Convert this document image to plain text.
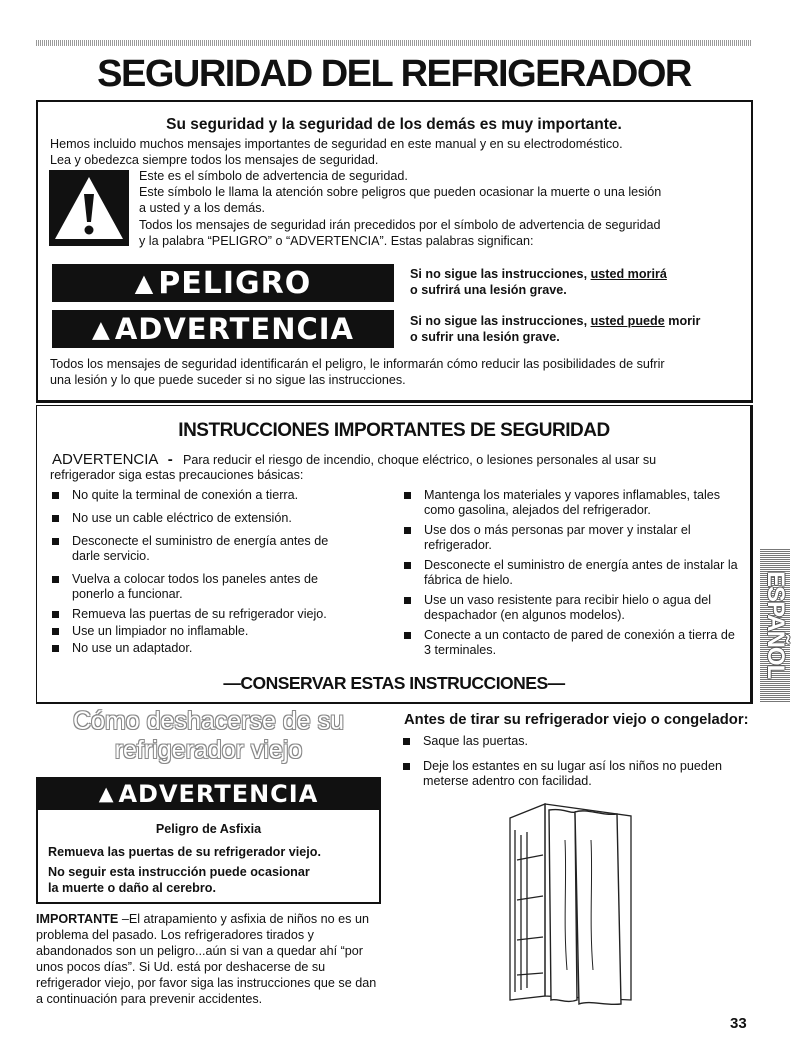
SEGURIDAD DEL REFRIGERADOR
Su seguridad y la seguridad de los demás es muy importante.
Hemos incluido muchos mensajes importantes de seguridad en este manual y en su electrodoméstico.
Lea y obedezca siempre todos los mensajes de seguridad.
Este es el símbolo de advertencia de seguridad.
Este símbolo le llama la atención sobre peligros que pueden ocasionar la muerte o una lesión
a usted y a los demás.
Todos los mensajes de seguridad irán precedidos por el símbolo de advertencia de seguridad
y la palabra “PELIGRO” o “ADVERTENCIA”. Estas palabras significan:
▲ PELIGRO	Si no sigue las instrucciones, usted morirá
o sufrirá una lesión grave.
▲ ADVERTENCIA	Si no sigue las instrucciones, usted puede morir
o sufrir una lesión grave.
Todos los mensajes de seguridad identificarán el peligro, le informarán cómo reducir las posibilidades de sufrir
una lesión y lo que puede suceder si no sigue las instrucciones.
INSTRUCCIONES IMPORTANTES DE SEGURIDAD
ADVERTENCIA - Para reducir el riesgo de incendio, choque eléctrico, o lesiones personales al usar su
refrigerador siga estas precauciones básicas:
No quite la terminal de conexión a tierra.
No use un cable eléctrico de extensión.
Desconecte el suministro de energía antes de darle servicio.
Vuelva a colocar todos los paneles antes de ponerlo a funcionar.
Remueva las puertas de su refrigerador viejo.
Use un limpiador no inflamable.
No use un adaptador.
Mantenga los materiales y vapores inflamables, tales como gasolina, alejados del refrigerador.
Use dos o más personas par mover y instalar el refrigerador.
Desconecte el suministro de energía antes de instalar la fábrica de hielo.
Use un vaso resistente para recibir hielo o agua del despachador (en algunos modelos).
Conecte a un contacto de pared de conexión a tierra de 3 terminales.
—CONSERVAR ESTAS INSTRUCCIONES—
Cómo deshacerse de su
refrigerador viejo
▲ ADVERTENCIA
Peligro de Asfixia
Remueva las puertas de su refrigerador viejo.
No seguir esta instrucción puede ocasionar
la muerte o daño al cerebro.
IMPORTANTE –El atrapamiento y asfixia de niños no es un problema del pasado. Los refrigeradores tirados y abandonados son un peligro...aún si van a quedar ahí “por unos pocos días”. Si Ud. está por deshacerse de su refrigerador viejo, por favor siga las instrucciones que se dan a continuación para prevenir accidentes.
Antes de tirar su refrigerador viejo o congelador:
Saque las puertas.
Deje los estantes en su lugar así los niños no pueden meterse adentro con facilidad.
ESPAÑOL
33
